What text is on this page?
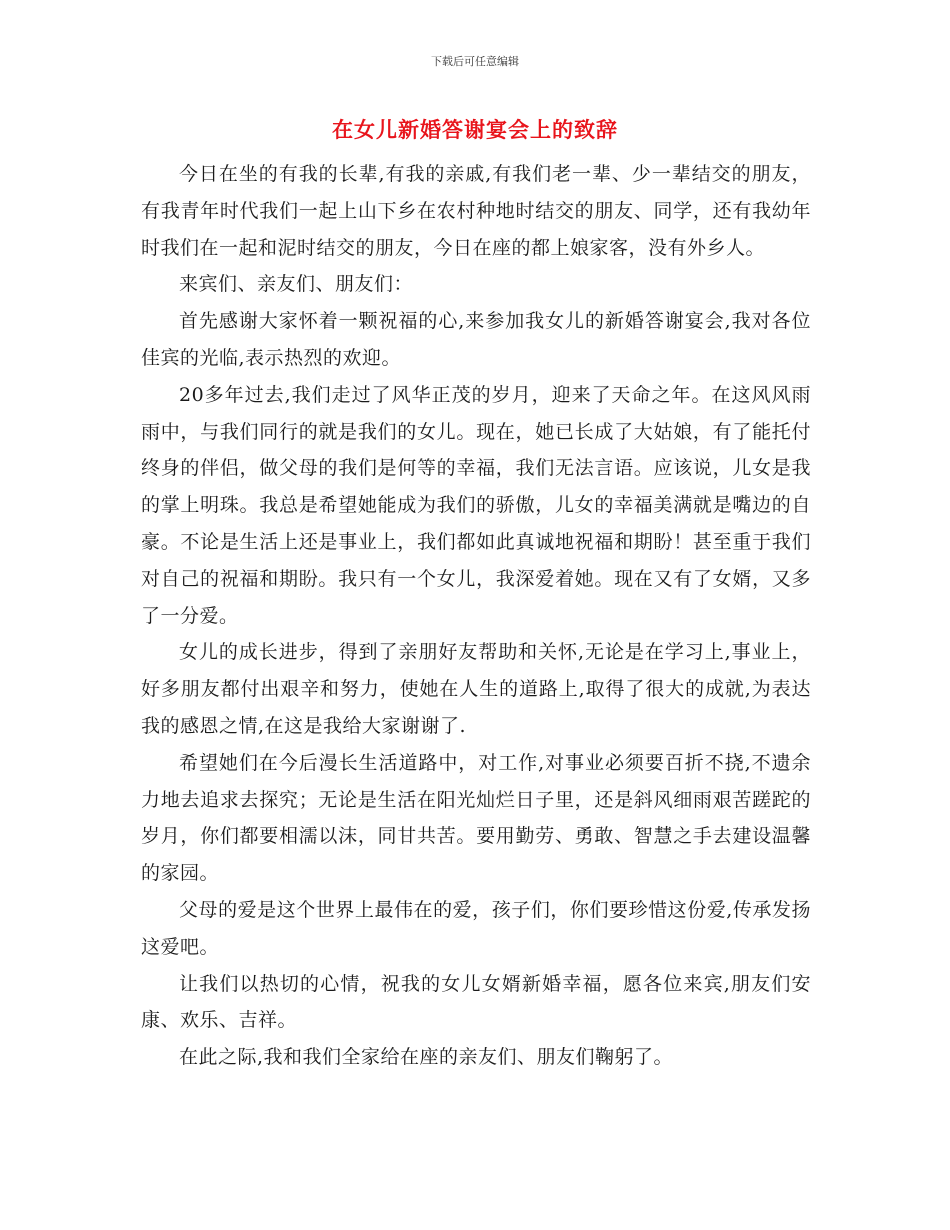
下载后可任意编辑
在女儿新婚答谢宴会上的致辞

今日在坐的有我的长辈,有我的亲戚,有我们老一辈、少一辈结交的朋友，有我青年时代我们一起上山下乡在农村种地时结交的朋友、同学，还有我幼年时我们在一起和泥时结交的朋友，今日在座的都上娘家客，没有外乡人。

来宾们、亲友们、朋友们：

首先感谢大家怀着一颗祝福的心,来参加我女儿的新婚答谢宴会,我对各位佳宾的光临,表示热烈的欢迎。

20多年过去,我们走过了风华正茂的岁月，迎来了天命之年。在这风风雨雨中，与我们同行的就是我们的女儿。现在，她已长成了大姑娘，有了能托付终身的伴侣，做父母的我们是何等的幸福，我们无法言语。应该说，儿女是我的掌上明珠。我总是希望她能成为我们的骄傲，儿女的幸福美满就是嘴边的自豪。不论是生活上还是事业上，我们都如此真诚地祝福和期盼！甚至重于我们对自己的祝福和期盼。我只有一个女儿，我深爱着她。现在又有了女婿，又多了一分爱。

女儿的成长进步，得到了亲朋好友帮助和关怀,无论是在学习上,事业上，好多朋友都付出艰辛和努力，使她在人生的道路上,取得了很大的成就,为表达我的感恩之情,在这是我给大家谢谢了.

希望她们在今后漫长生活道路中，对工作,对事业必须要百折不挠,不遗余力地去追求去探究；无论是生活在阳光灿烂日子里，还是斜风细雨艰苦蹉跎的岁月，你们都要相濡以沫，同甘共苦。要用勤劳、勇敢、智慧之手去建设温馨的家园。

父母的爱是这个世界上最伟在的爱，孩子们，你们要珍惜这份爱,传承发扬这爱吧。

让我们以热切的心情，祝我的女儿女婿新婚幸福，愿各位来宾,朋友们安康、欢乐、吉祥。

在此之际,我和我们全家给在座的亲友们、朋友们鞠躬了。
